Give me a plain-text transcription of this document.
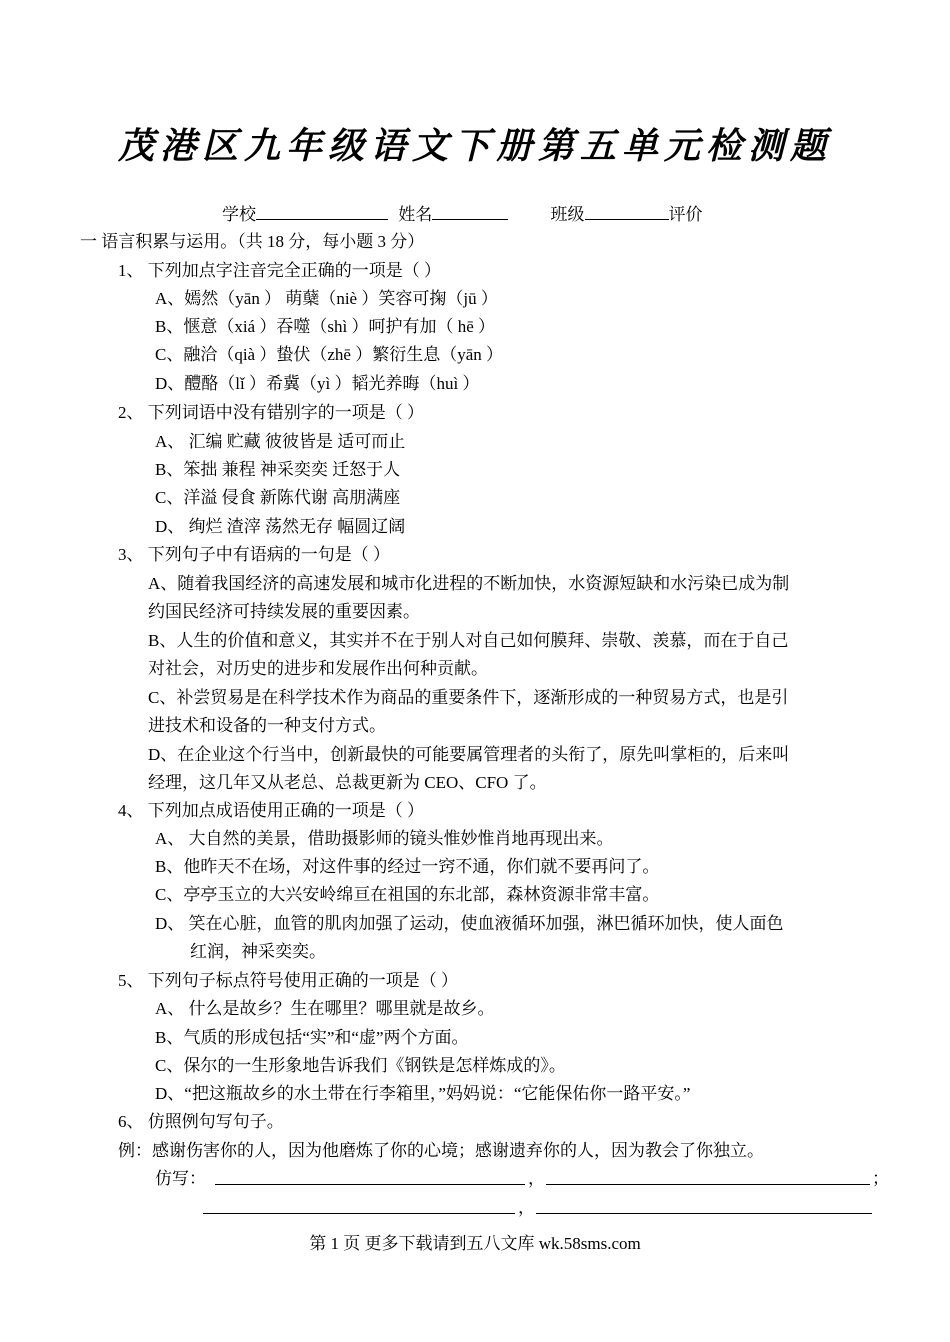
茂港区九年级语文下册第五单元检测题
学校	姓名	班级	评价
一 语言积累与运用。（共 18 分，每小题 3 分）
1、 下列加点字注音完全正确的一项是（ ）
A、嫣然（yān ） 萌蘖（niè ）笑容可掬（jū ）
B、惬意（xiá ）吞噬（shì ）呵护有加（ hē ）
C、融洽（qià ）蛰伏（zhē ）繁衍生息（yān ）
D、醴酪（lǐ ）希冀（yì ）韬光养晦（huì ）
2、 下列词语中没有错别字的一项是（ ）
A、 汇编 贮藏 彼彼皆是 适可而止
B、笨拙 兼程 神采奕奕 迁怒于人
C、洋溢 侵食 新陈代谢 高朋满座
D、 绚烂 渣滓 荡然无存 幅圆辽阔
3、 下列句子中有语病的一句是（ ）
A、随着我国经济的高速发展和城市化进程的不断加快，水资源短缺和水污染已成为制
约国民经济可持续发展的重要因素。
B、人生的价值和意义，其实并不在于别人对自己如何膜拜、崇敬、羡慕，而在于自己
对社会，对历史的进步和发展作出何种贡献。
C、补尝贸易是在科学技术作为商品的重要条件下，逐渐形成的一种贸易方式，也是引
进技术和设备的一种支付方式。
D、在企业这个行当中，创新最快的可能要属管理者的头衔了，原先叫掌柜的，后来叫
经理，这几年又从老总、总裁更新为 CEO、CFO 了。
4、 下列加点成语使用正确的一项是（ ）
A、 大自然的美景，借助摄影师的镜头惟妙惟肖地再现出来。
B、他昨天不在场，对这件事的经过一窍不通，你们就不要再问了。
C、亭亭玉立的大兴安岭绵亘在祖国的东北部，森林资源非常丰富。
D、 笑在心脏，血管的肌肉加强了运动，使血液循环加强，淋巴循环加快，使人面色
红润，神采奕奕。
5、 下列句子标点符号使用正确的一项是（ ）
A、 什么是故乡？生在哪里？哪里就是故乡。
B、气质的形成包括“实”和“虚”两个方面。
C、保尔的一生形象地告诉我们《钢铁是怎样炼成的》。
D、“把这瓶故乡的水土带在行李箱里，”妈妈说：“它能保佑你一路平安。”
6、 仿照例句写句子。
例：感谢伤害你的人，因为他磨炼了你的心境；感谢遗弃你的人，因为教会了你独立。
仿写：	，	；
，
第 1 页 更多下载请到五八文库 wk.58sms.com
